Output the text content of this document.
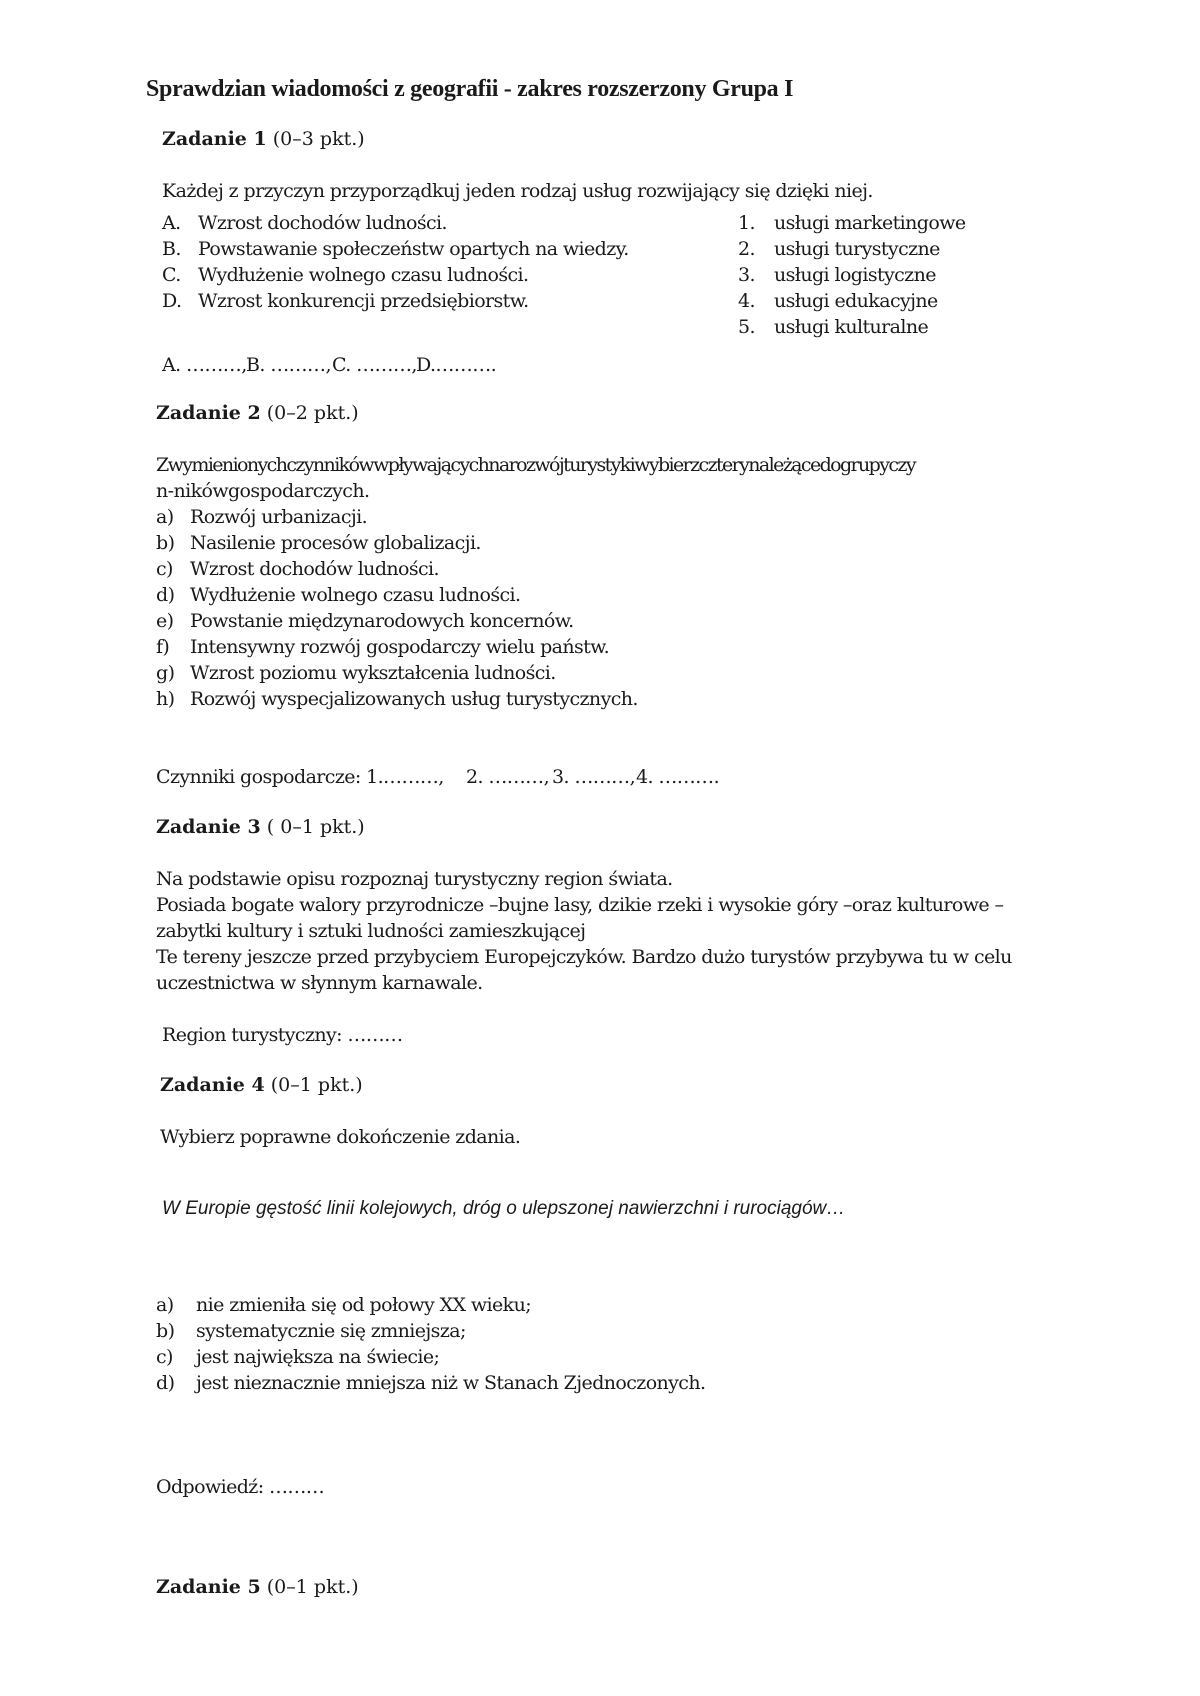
Sprawdzian wiadomości z geografii - zakres rozszerzony Grupa I
Zadanie 1 (0–3 pkt.)
Każdej z przyczyn przyporządkuj jeden rodzaj usług rozwijający się dzięki niej.
A. Wzrost dochodów ludności.
B. Powstawanie społeczeństw opartych na wiedzy.
C. Wydłużenie wolnego czasu ludności.
D. Wzrost konkurencji przedsiębiorstw.
1. usługi marketingowe
2. usługi turystyczne
3. usługi logistyczne
4. usługi edukacyjne
5. usługi kulturalne
A. ………, B. ………, C. ………, D.……….
Zadanie 2 (0–2 pkt.)
Zwymienionychczynnikówwpływającychnarozwójturystykiwybierzczterynależącedogrupyczy
n-nikówgospodarczych.
a) Rozwój urbanizacji.
b) Nasilenie procesów globalizacji.
c) Wzrost dochodów ludności.
d) Wydłużenie wolnego czasu ludności.
e) Powstanie międzynarodowych koncernów.
f) Intensywny rozwój gospodarczy wielu państw.
g) Wzrost poziomu wykształcenia ludności.
h) Rozwój wyspecjalizowanych usług turystycznych.
Czynniki gospodarcze: 1.………, 2. ………, 3. ………, 4. ……….
Zadanie 3 ( 0–1 pkt.)
Na podstawie opisu rozpoznaj turystyczny region świata.
Posiada bogate walory przyrodnicze –bujne lasy, dzikie rzeki i wysokie góry –oraz kulturowe –
zabytki kultury i sztuki ludności zamieszkującej
Te tereny jeszcze przed przybyciem Europejczyków. Bardzo dużo turystów przybywa tu w celu
uczestnictwa w słynnym karnawale.
Region turystyczny: ………
Zadanie 4 (0–1 pkt.)
Wybierz poprawne dokończenie zdania.
W Europie gęstość linii kolejowych, dróg o ulepszonej nawierzchni i rurociągów…
a) nie zmieniła się od połowy XX wieku;
b) systematycznie się zmniejsza;
c) jest największa na świecie;
d) jest nieznacznie mniejsza niż w Stanach Zjednoczonych.
Odpowiedź: ………
Zadanie 5 (0–1 pkt.)
